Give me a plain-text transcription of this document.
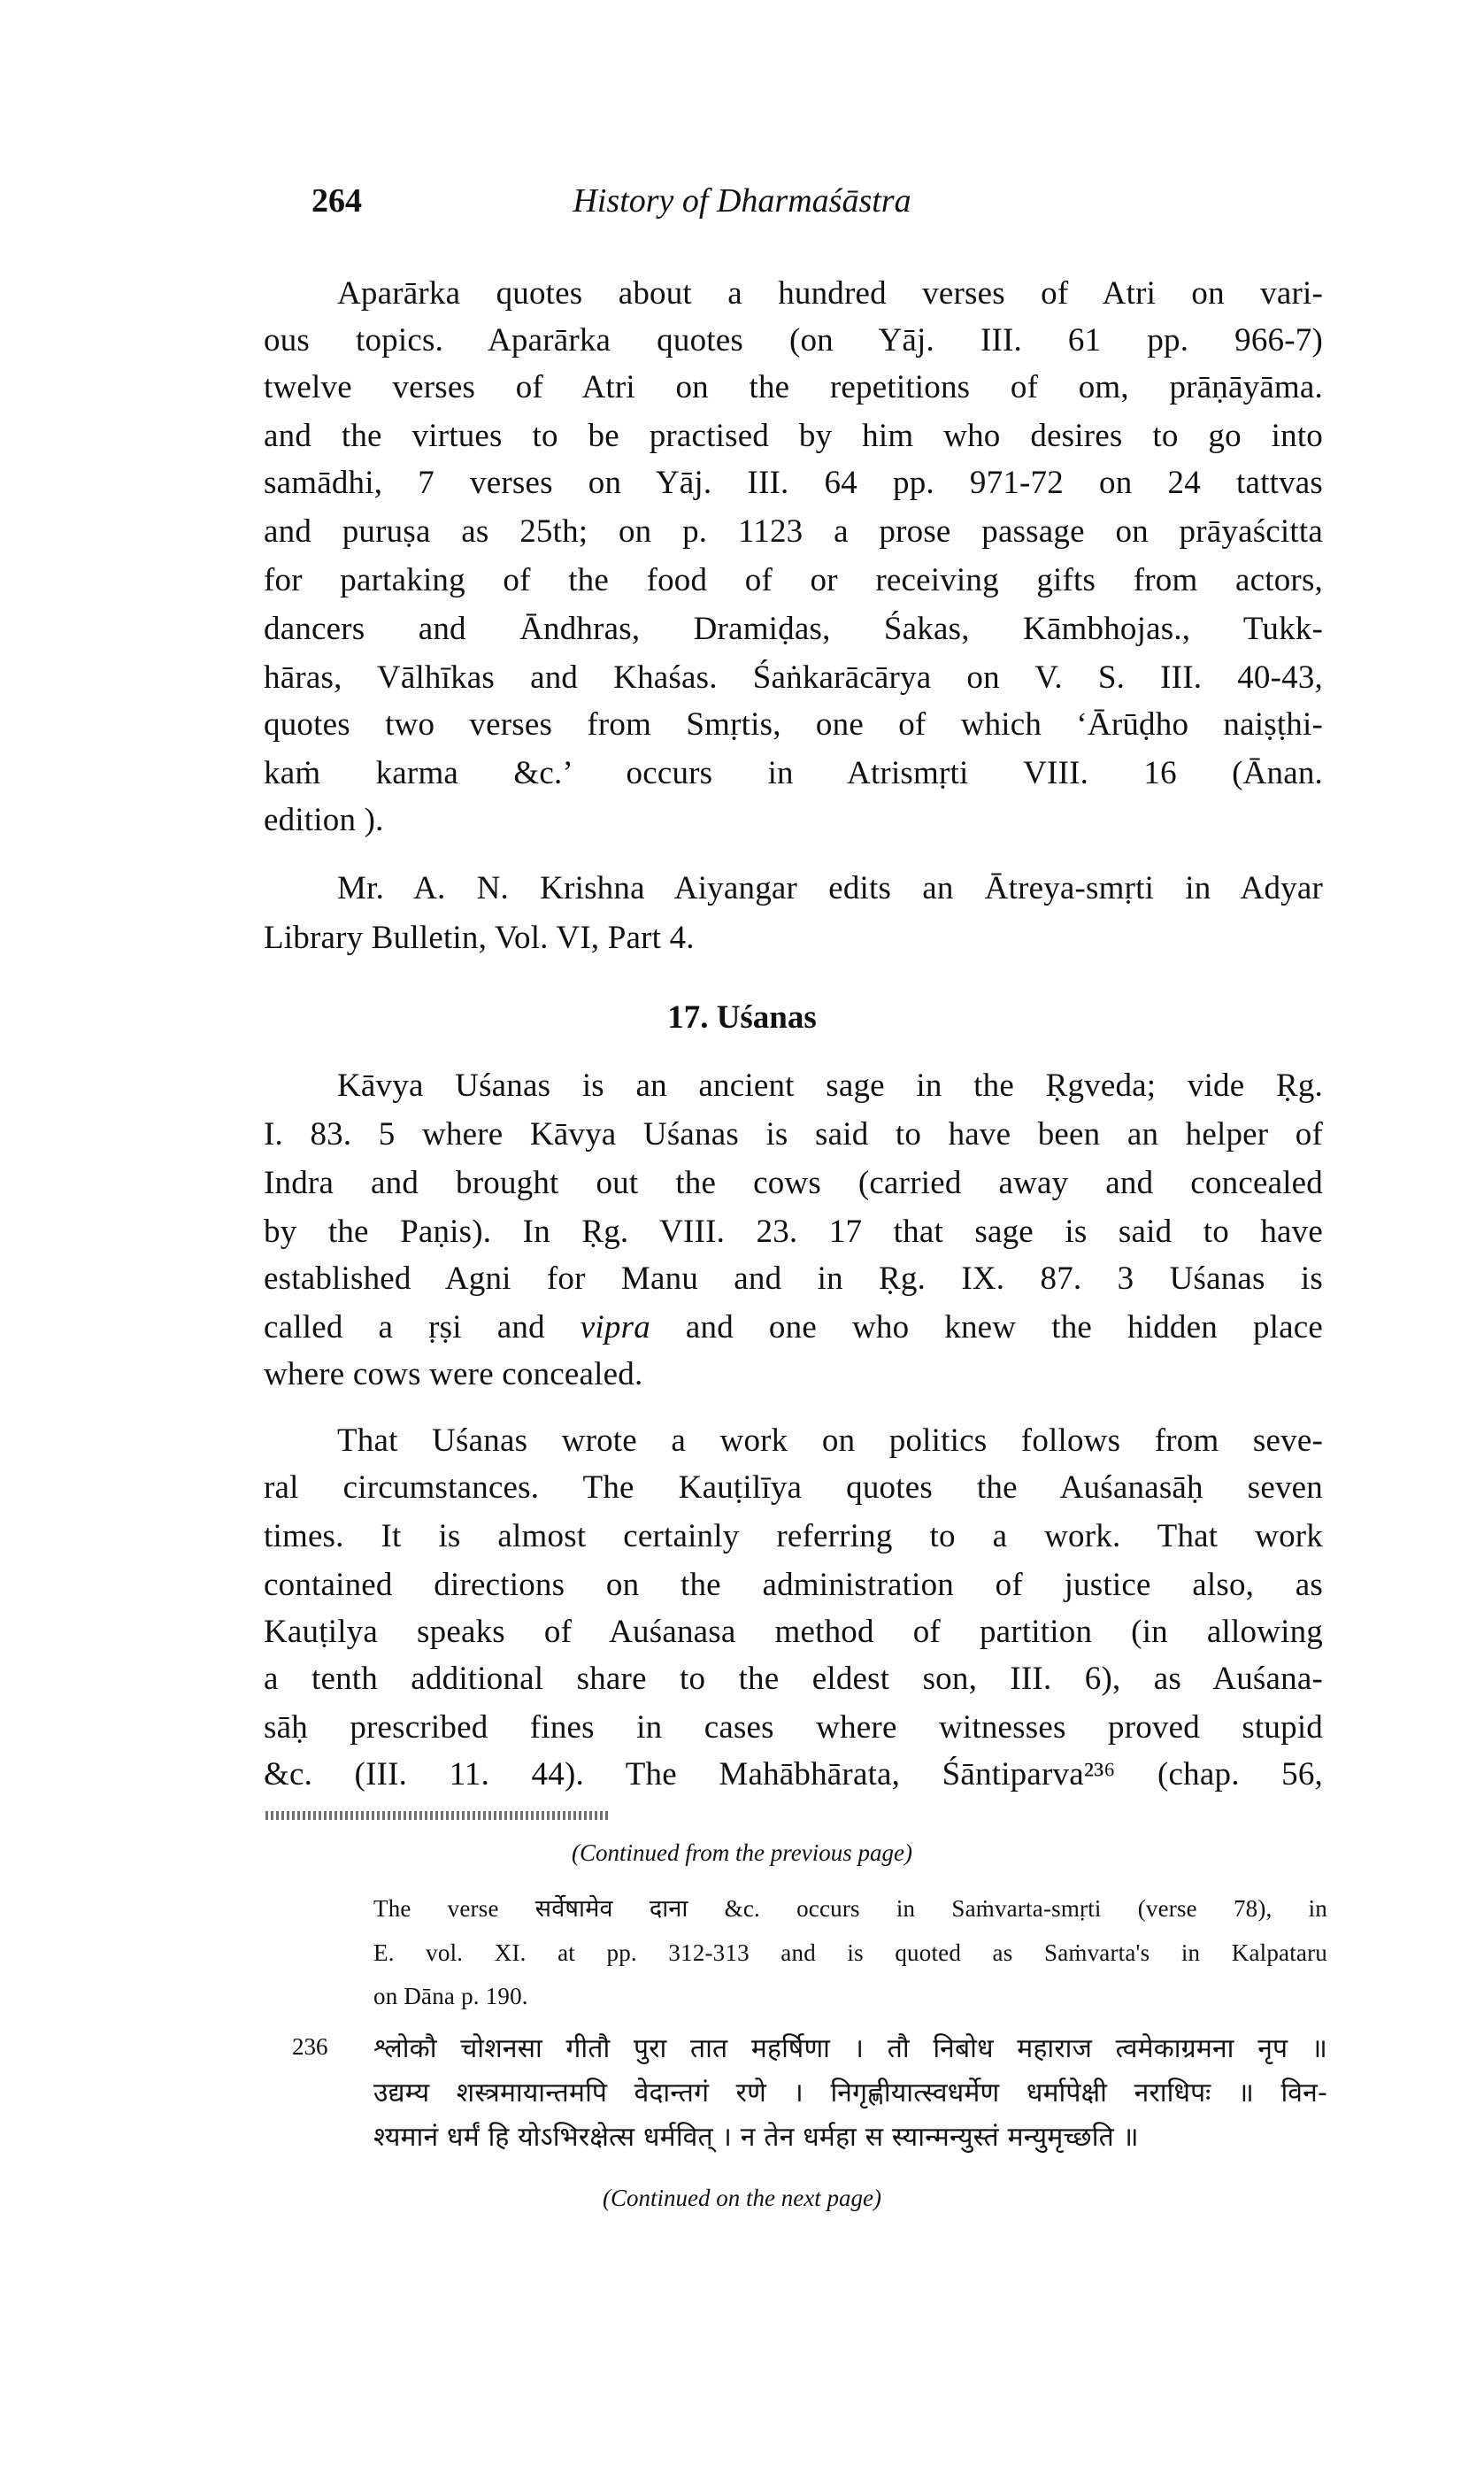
264	History of Dharmaśāstra
17. Uśanas
(Continued from the previous page)
236
(Continued on the next page)
Aparārka quotes about a hundred verses of Atri on vari-
ous topics. Aparārka quotes (on Yāj. III. 61 pp. 966-7)
twelve verses of Atri on the repetitions of om, prāṇāyāma.
and the virtues to be practised by him who desires to go into
samādhi, 7 verses on Yāj. III. 64 pp. 971-72 on 24 tattvas
and puruṣa as 25th; on p. 1123 a prose passage on prāyaścitta
for partaking of the food of or receiving gifts from actors,
dancers and Āndhras, Dramiḍas, Śakas, Kāmbhojas., Tukk-
hāras, Vālhīkas and Khaśas. Śaṅkarācārya on V. S. III. 40-43,
quotes two verses from Smṛtis, one of which ‘Ārūḍho naiṣṭhi-
kaṁ karma &c.’ occurs in Atrismṛti VIII. 16 (Ānan.
edition ).
Mr. A. N. Krishna Aiyangar edits an Ātreya-smṛti in Adyar
Library Bulletin, Vol. VI, Part 4.
Kāvya Uśanas is an ancient sage in the Ṛgveda; vide Ṛg.
I. 83. 5 where Kāvya Uśanas is said to have been an helper of
Indra and brought out the cows (carried away and concealed
by the Paṇis). In Ṛg. VIII. 23. 17 that sage is said to have
established Agni for Manu and in Ṛg. IX. 87. 3 Uśanas is
called a ṛṣi and vipra and one who knew the hidden place
where cows were concealed.
That Uśanas wrote a work on politics follows from seve-
ral circumstances. The Kauṭilīya quotes the Auśanasāḥ seven
times. It is almost certainly referring to a work. That work
contained directions on the administration of justice also, as
Kauṭilya speaks of Auśanasa method of partition (in allowing
a tenth additional share to the eldest son, III. 6), as Auśana-
sāḥ prescribed fines in cases where witnesses proved stupid
&c. (III. 11. 44). The Mahābhārata, Śāntiparva²³⁶ (chap. 56,
The verse सर्वेषामेव दाना &c. occurs in Saṁvarta-smṛti (verse 78), in
E. vol. XI. at pp. 312-313 and is quoted as Saṁvarta's in Kalpataru
on Dāna p. 190.
श्लोकौ चोशनसा गीतौ पुरा तात महर्षिणा । तौ निबोध महाराज त्वमेकाग्रमना नृप ॥
उद्यम्य शस्त्रमायान्तमपि वेदान्तगं रणे । निगृह्णीयात्स्वधर्मेण धर्मापेक्षी नराधिपः ॥ विन-
श्यमानं धर्मं हि योऽभिरक्षेत्स धर्मवित् । न तेन धर्महा स स्यान्मन्युस्तं मन्युमृच्छति ॥
